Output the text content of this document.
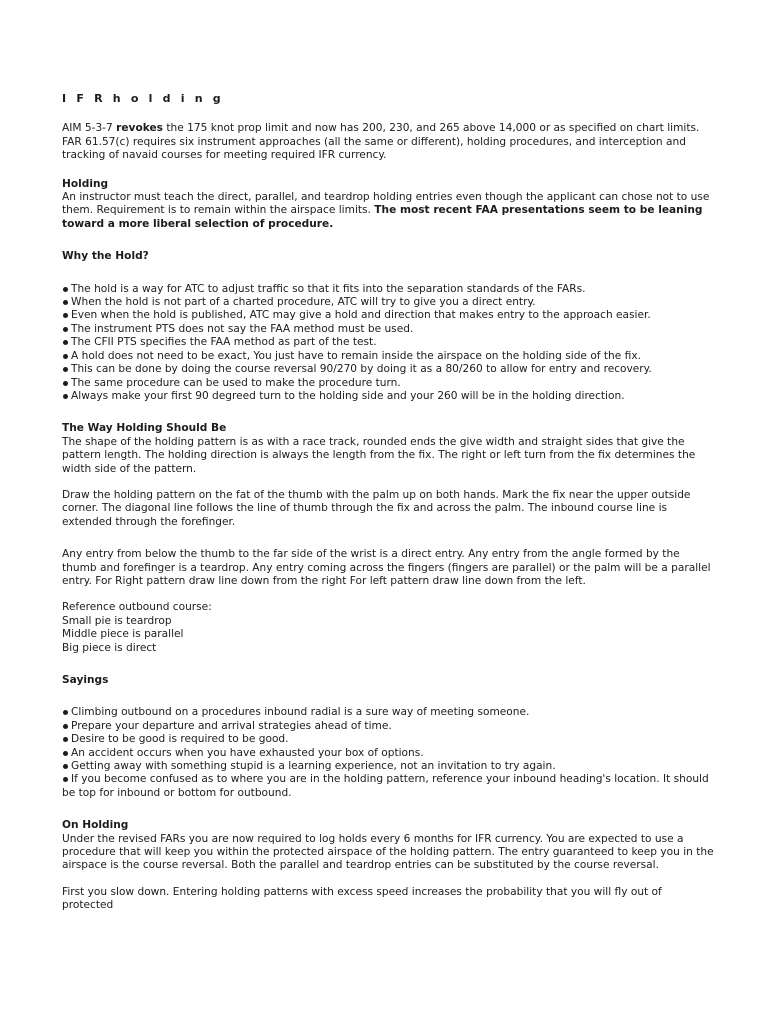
I F R h o l d i n g

AIM 5-3-7 revokes the 175 knot prop limit and now has 200, 230, and 265 above 14,000 or as specified on chart limits.

FAR 61.57(c) requires six instrument approaches (all the same or different), holding procedures, and interception and tracking of navaid courses for meeting required IFR currency.

Holding

An instructor must teach the direct, parallel, and teardrop holding entries even though the applicant can chose not to use them. Requirement is to remain within the airspace limits. The most recent FAA presentations seem to be leaning toward a more liberal selection of procedure.

Why the Hold?

The hold is a way for ATC to adjust traffic so that it fits into the separation standards of the FARs.
When the hold is not part of a charted procedure, ATC will try to give you a direct entry.
Even when the hold is published, ATC may give a hold and direction that makes entry to the approach easier.
The instrument PTS does not say the FAA method must be used.
The CFII PTS specifies the FAA method as part of the test.
A hold does not need to be exact, You just have to remain inside the airspace on the holding side of the fix.
This can be done by doing the course reversal 90/270 by doing it as a 80/260 to allow for entry and recovery.
The same procedure can be used to make the procedure turn.
Always make your first 90 degreed turn to the holding side and your 260 will be in the holding direction.

The Way Holding Should Be

The shape of the holding pattern is as with a race track, rounded ends the give width and straight sides that give the pattern length. The holding direction is always the length from the fix. The right or left turn from the fix determines the width side of the pattern.

Draw the holding pattern on the fat of the thumb with the palm up on both hands. Mark the fix near the upper outside corner. The diagonal line follows the line of thumb through the fix and across the palm. The inbound course line is extended through the forefinger.

Any entry from below the thumb to the far side of the wrist is a direct entry. Any entry from the angle formed by the thumb and forefinger is a teardrop. Any entry coming across the fingers (fingers are parallel) or the palm will be a parallel entry. For Right pattern draw line down from the right For left pattern draw line down from the left.

Reference outbound course:

Small pie is teardrop

Middle piece is parallel

Big piece is direct

Sayings

Climbing outbound on a procedures inbound radial is a sure way of meeting someone.
Prepare your departure and arrival strategies ahead of time.
Desire to be good is required to be good.
An accident occurs when you have exhausted your box of options.
Getting away with something stupid is a learning experience, not an invitation to try again.
If you become confused as to where you are in the holding pattern, reference your inbound heading's location. It should be top for inbound or bottom for outbound.

On Holding

Under the revised FARs you are now required to log holds every 6 months for IFR currency. You are expected to use a procedure that will keep you within the protected airspace of the holding pattern. The entry guaranteed to keep you in the airspace is the course reversal. Both the parallel and teardrop entries can be substituted by the course reversal.

First you slow down. Entering holding patterns with excess speed increases the probability that you will fly out of protected
